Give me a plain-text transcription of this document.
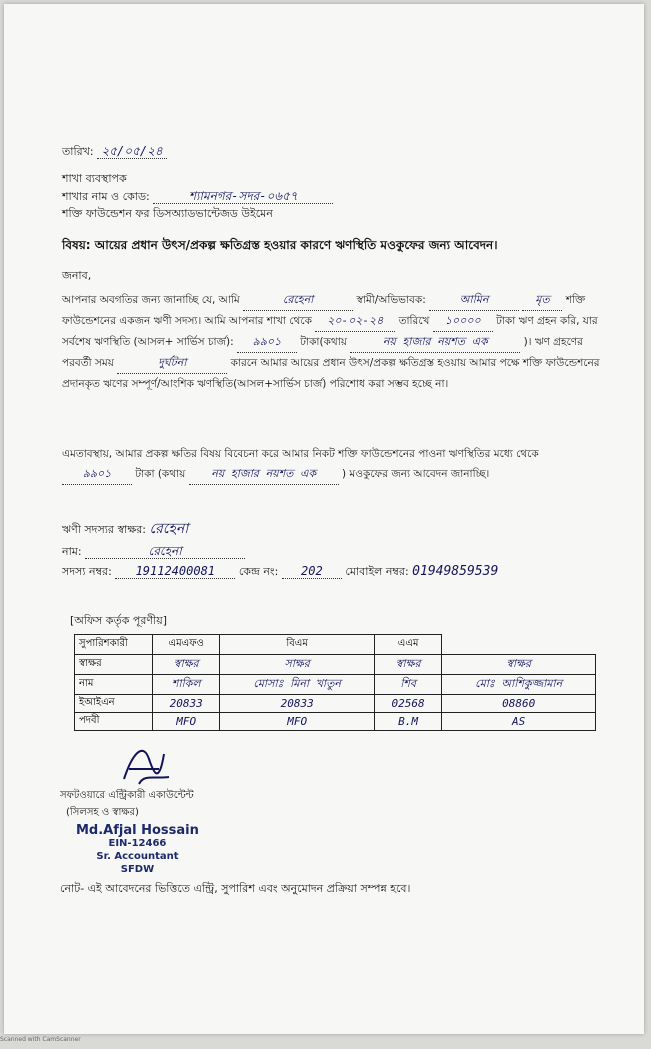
তারিখ: ২৫/০৫/২৪
শাখা ব্যবস্থাপক
শাখার নাম ও কোড:	শ্যামনগর-সদর-০৬৫৭
শক্তি ফাউন্ডেশন ফর ডিসঅ্যাডভান্টেজড উইমেন
বিষয়: আয়ের প্রধান উৎস/প্রকল্প ক্ষতিগ্রস্ত হওয়ার কারণে ঋণস্থিতি মওকুফের জন্য আবেদন।
জনাব,
আপনার অবগতির জন্য জানাচ্ছি যে, আমি	রেহেনা	স্বামী/অভিভাবক:	আমিন	মৃত শক্তি ফাউন্ডেশনের একজন ঋণী সদস্য। আমি আপনার শাখা থেকে ২০-০২-২৪ তারিখে ১০০০০ টাকা ঋণ গ্রহন করি, যার সর্বশেষ ঋণস্থিতি (আসল+ সার্ভিস চার্জ): ৯৯০১ টাকা(কথায়	নয় হাজার নয়শত এক	)। ঋণ গ্রহণের পরবর্তী সময়	দুর্ঘটনা	কারনে আমার আয়ের প্রধান উৎস/প্রকল্প ক্ষতিগ্রস্ত হওয়ায় আমার পক্ষে শক্তি ফাউন্ডেশনের প্রদানকৃত ঋণের সম্পূর্ণ/আংশিক ঋণস্থিতি(আসল+সার্ভিস চার্জ) পরিশোধ করা সম্ভব হচ্ছে না।
এমতাবস্থায়, আমার প্রকল্প ক্ষতির বিষয় বিবেচনা করে আমার নিকট শক্তি ফাউন্ডেশনের পাওনা ঋণস্থিতির মধ্যে থেকে ৯৯০১ টাকা (কথায় নয় হাজার নয়শত এক ) মওকুফের জন্য আবেদন জানাচ্ছি।
ঋণী সদস্যর স্বাক্ষর: রেহেনা
নাম:	রেহেনা
সদস্য নম্বর: 19112400081 কেন্দ্র নং: 202 মোবাইল নম্বর: 01949859539
[অফিস কর্তৃক পূরণীয়]
সুপারিশকারী	এমএফও	বিএম	এএম	
স্বাক্ষর	স্বাক্ষর	সাক্ষর	স্বাক্ষর	স্বাক্ষর
নাম	শাকিল	মোসাঃ মিনা খাতুন	শিব	মোঃ আশিকুজ্জামান
ইআইএন	20833	20833	02568	08860
পদবী	MFO	MFO	B.M	AS
সফটওয়ারে এন্ট্রিকারী একাউন্টেন্ট
(সিলসহ ও স্বাক্ষর)
Md.Afjal Hossain
EIN-12466
Sr. Accountant
SFDW
নোট- এই আবেদনের ভিত্তিতে এন্ট্রি, সুপারিশ এবং অনুমোদন প্রক্রিয়া সম্পন্ন হবে।
Scanned with CamScanner
